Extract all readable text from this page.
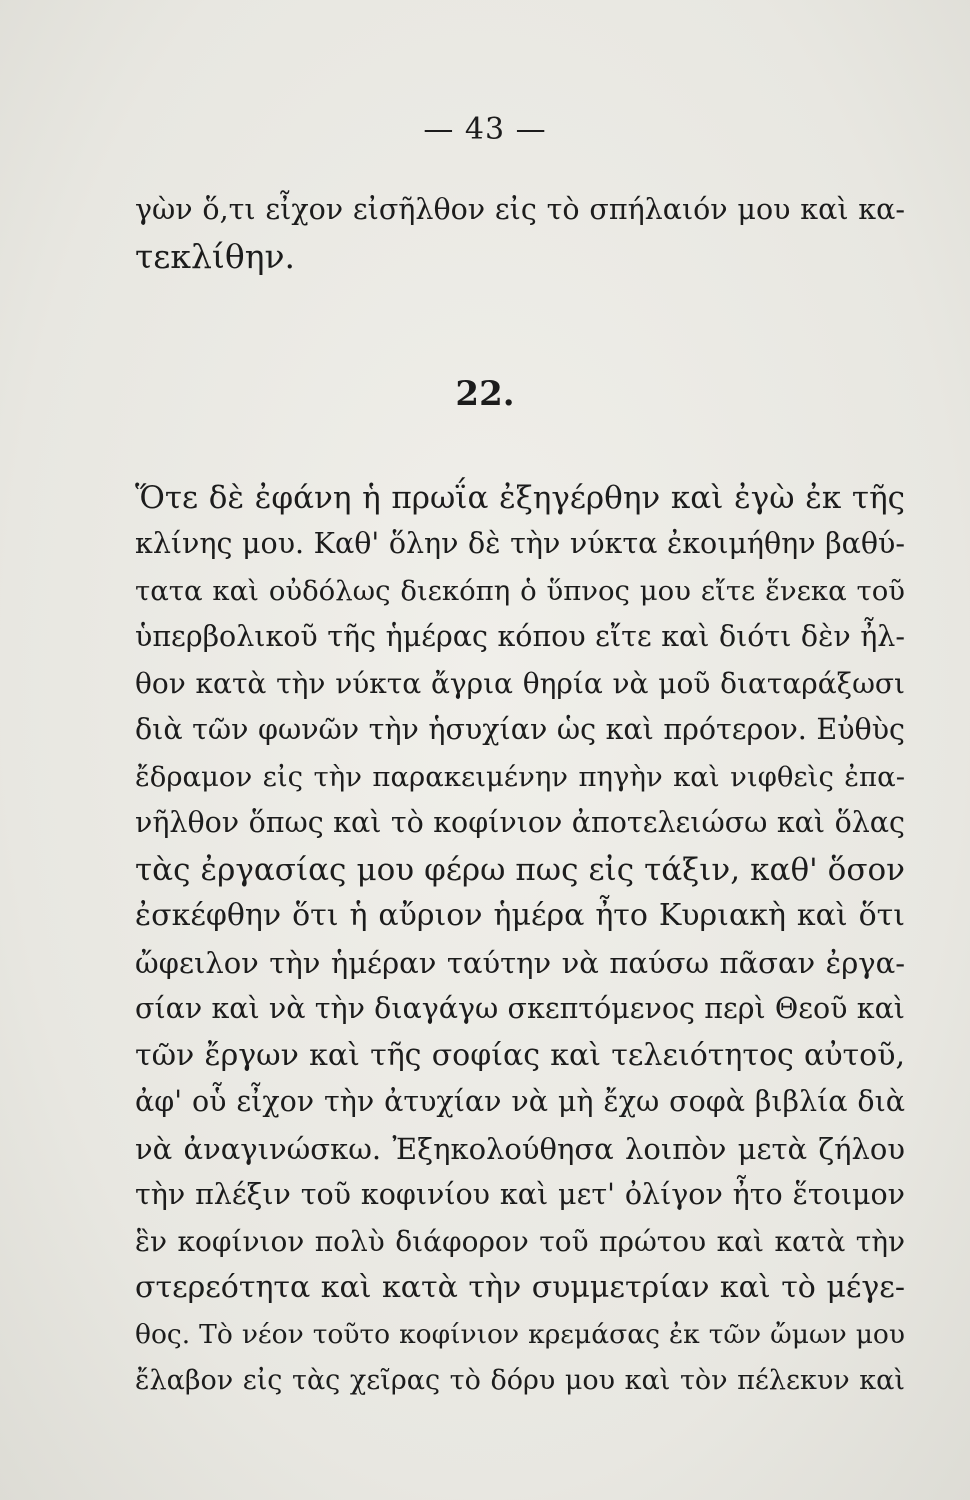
— 43 —
γὼν ὅ,τι εἶχον εἰσῆλθον εἰς τὸ σπήλαιόν μου καὶ κα-
τεκλίθην.
22.
Ὅτε δὲ ἐφάνη ἡ πρωΐα ἐξηγέρθην καὶ ἐγὼ ἐκ τῆς
κλίνης μου. Καθ' ὅλην δὲ τὴν νύκτα ἐκοιμήθην βαθύ-
τατα καὶ οὐδόλως διεκόπη ὁ ὕπνος μου εἴτε ἕνεκα τοῦ
ὑπερβολικοῦ τῆς ἡμέρας κόπου εἴτε καὶ διότι δὲν ἦλ-
θον κατὰ τὴν νύκτα ἄγρια θηρία νὰ μοῦ διαταράξωσι
διὰ τῶν φωνῶν τὴν ἡσυχίαν ὡς καὶ πρότερον. Εὐθὺς
ἔδραμον εἰς τὴν παρακειμένην πηγὴν καὶ νιφθεὶς ἐπα-
νῆλθον ὅπως καὶ τὸ κοφίνιον ἀποτελειώσω καὶ ὅλας
τὰς ἐργασίας μου φέρω πως εἰς τάξιν, καθ' ὅσον
ἐσκέφθην ὅτι ἡ αὔριον ἡμέρα ἦτο Κυριακὴ καὶ ὅτι
ὤφειλον τὴν ἡμέραν ταύτην νὰ παύσω πᾶσαν ἐργα-
σίαν καὶ νὰ τὴν διαγάγω σκεπτόμενος περὶ Θεοῦ καὶ
τῶν ἔργων καὶ τῆς σοφίας καὶ τελειότητος αὐτοῦ,
ἀφ' οὗ εἶχον τὴν ἀτυχίαν νὰ μὴ ἔχω σοφὰ βιβλία διὰ
νὰ ἀναγινώσκω. Ἐξηκολούθησα λοιπὸν μετὰ ζήλου
τὴν πλέξιν τοῦ κοφινίου καὶ μετ' ὀλίγον ἦτο ἕτοιμον
ἓν κοφίνιον πολὺ διάφορον τοῦ πρώτου καὶ κατὰ τὴν
στερεότητα καὶ κατὰ τὴν συμμετρίαν καὶ τὸ μέγε-
θος. Τὸ νέον τοῦτο κοφίνιον κρεμάσας ἐκ τῶν ὤμων μου
ἔλαβον εἰς τὰς χεῖρας τὸ δόρυ μου καὶ τὸν πέλεκυν καὶ
